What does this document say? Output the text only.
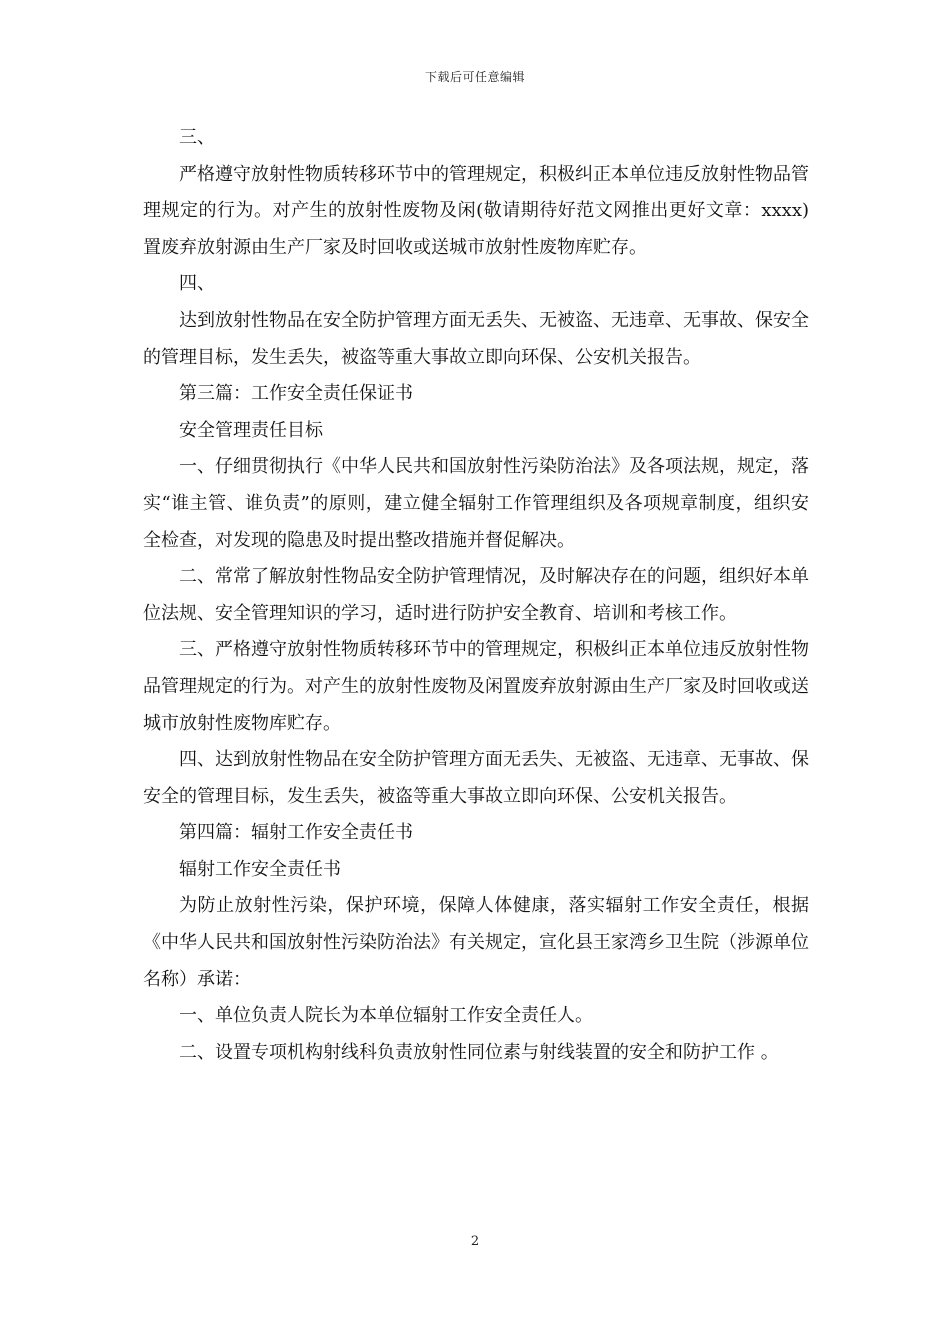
下载后可任意编辑

三、

严格遵守放射性物质转移环节中的管理规定，积极纠正本单位违反放射性物品管理规定的行为。对产生的放射性废物及闲(敬请期待好范文网推出更好文章：xxxx)置废弃放射源由生产厂家及时回收或送城市放射性废物库贮存。

四、

达到放射性物品在安全防护管理方面无丢失、无被盗、无违章、无事故、保安全的管理目标，发生丢失，被盗等重大事故立即向环保、公安机关报告。

第三篇：工作安全责任保证书

安全管理责任目标

一、仔细贯彻执行《中华人民共和国放射性污染防治法》及各项法规，规定，落实“谁主管、谁负责”的原则，建立健全辐射工作管理组织及各项规章制度，组织安全检查，对发现的隐患及时提出整改措施并督促解决。

二、常常了解放射性物品安全防护管理情况，及时解决存在的问题，组织好本单位法规、安全管理知识的学习，适时进行防护安全教育、培训和考核工作。

三、严格遵守放射性物质转移环节中的管理规定，积极纠正本单位违反放射性物品管理规定的行为。对产生的放射性废物及闲置废弃放射源由生产厂家及时回收或送城市放射性废物库贮存。

四、达到放射性物品在安全防护管理方面无丢失、无被盗、无违章、无事故、保安全的管理目标，发生丢失，被盗等重大事故立即向环保、公安机关报告。

第四篇：辐射工作安全责任书

辐射工作安全责任书

为防止放射性污染，保护环境，保障人体健康，落实辐射工作安全责任，根据《中华人民共和国放射性污染防治法》有关规定，宣化县王家湾乡卫生院（涉源单位名称）承诺：

一、单位负责人院长为本单位辐射工作安全责任人。

二、设置专项机构射线科负责放射性同位素与射线装置的安全和防护工作 。

2
